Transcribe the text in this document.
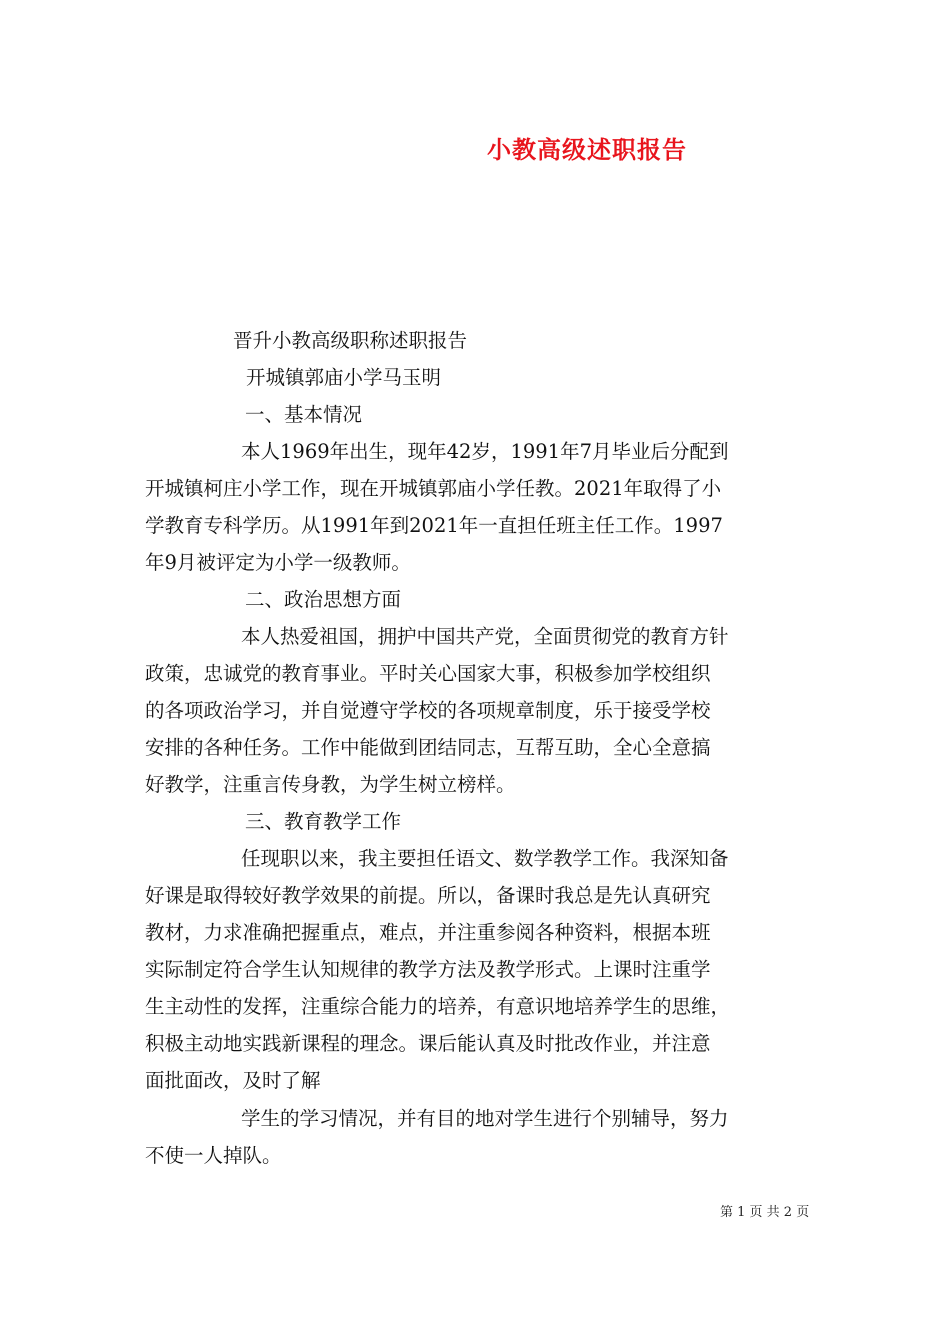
小教高级述职报告
晋升小教高级职称述职报告
开城镇郭庙小学马玉明
一、基本情况
本人1969年出生，现年42岁，1991年7月毕业后分配到
开城镇柯庄小学工作，现在开城镇郭庙小学任教。2021年取得了小
学教育专科学历。从1991年到2021年一直担任班主任工作。1997
年9月被评定为小学一级教师。
二、政治思想方面
本人热爱祖国，拥护中国共产党，全面贯彻党的教育方针
政策，忠诚党的教育事业。平时关心国家大事，积极参加学校组织
的各项政治学习，并自觉遵守学校的各项规章制度，乐于接受学校
安排的各种任务。工作中能做到团结同志，互帮互助，全心全意搞
好教学，注重言传身教，为学生树立榜样。
三、教育教学工作
任现职以来，我主要担任语文、数学教学工作。我深知备
好课是取得较好教学效果的前提。所以，备课时我总是先认真研究
教材，力求准确把握重点，难点，并注重参阅各种资料，根据本班
实际制定符合学生认知规律的教学方法及教学形式。上课时注重学
生主动性的发挥，注重综合能力的培养，有意识地培养学生的思维，
积极主动地实践新课程的理念。课后能认真及时批改作业，并注意
面批面改，及时了解
学生的学习情况，并有目的地对学生进行个别辅导，努力
不使一人掉队。
第 1 页 共 2 页
